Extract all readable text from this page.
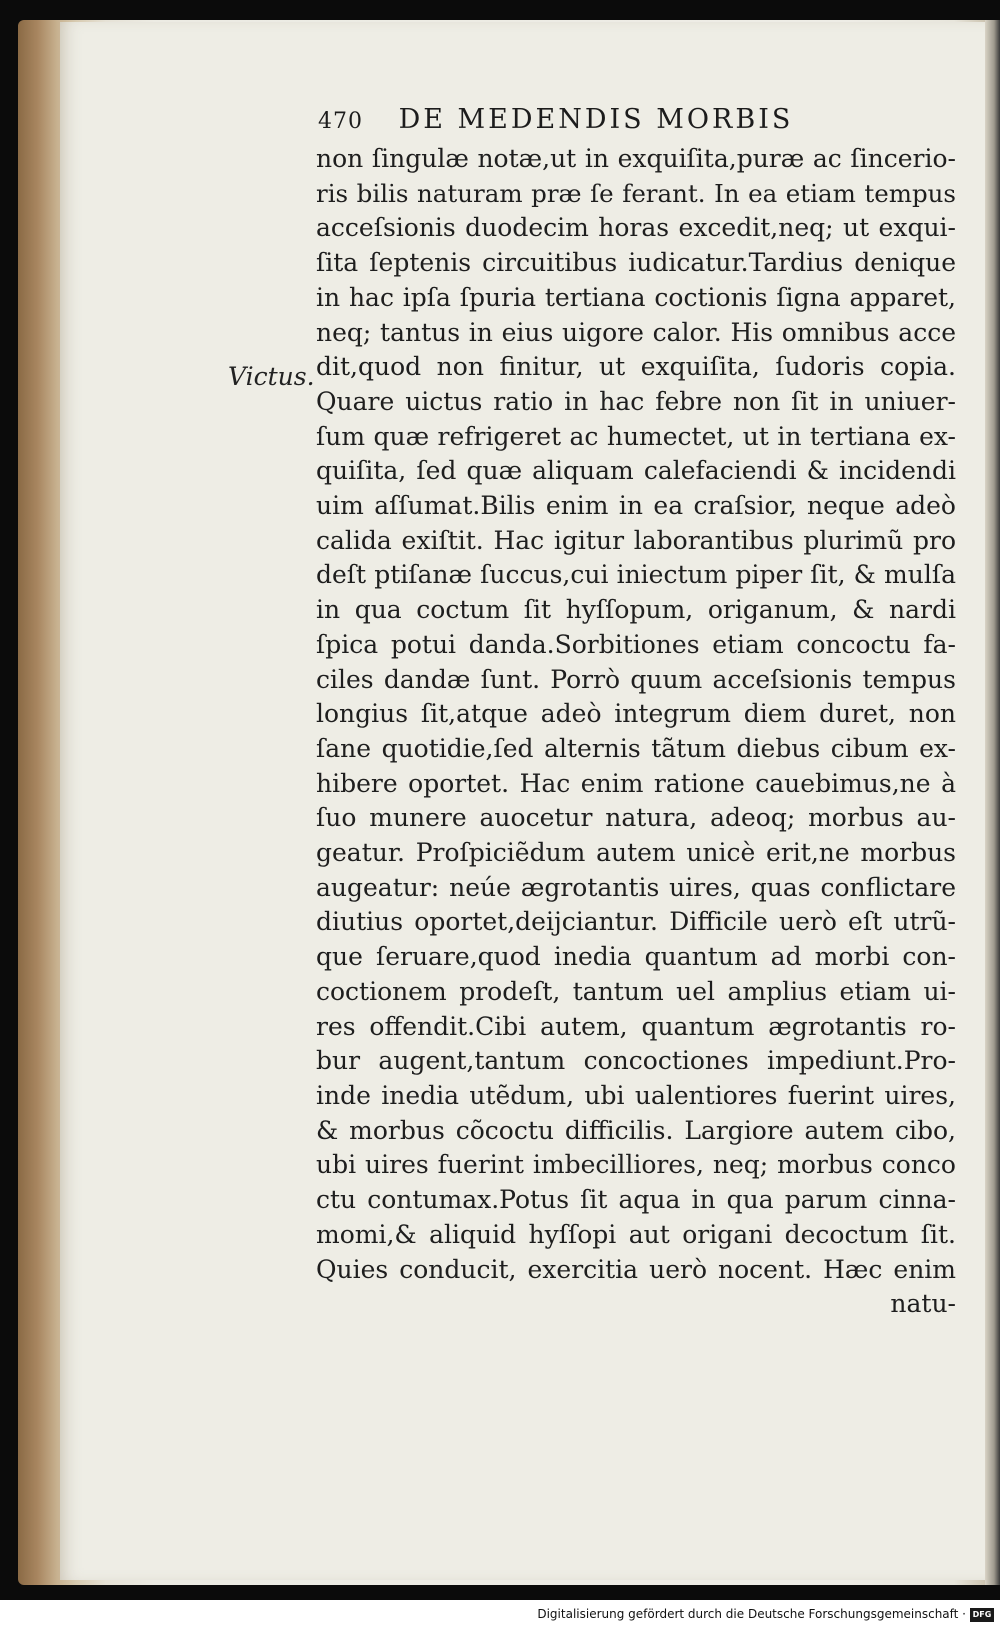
470 DE MEDENDIS MORBIS
Victus.
non ſingulæ notæ,ut in exquiſita,puræ ac ſincerio-
ris bilis naturam præ ſe ferant. In ea etiam tempus
acceſsionis duodecim horas excedit,neq; ut exqui-
ſita ſeptenis circuitibus iudicatur.Tardius denique
in hac ipſa ſpuria tertiana coctionis ſigna apparet,
neq; tantus in eius uigore calor. His omnibus acce
dit,quod non finitur, ut exquiſita, ſudoris copia.
Quare uictus ratio in hac febre non ſit in uniuer-
ſum quæ refrigeret ac humectet, ut in tertiana ex-
quiſita, ſed quæ aliquam calefaciendi & incidendi
uim aſſumat.Bilis enim in ea craſsior, neque adeò
calida exiſtit. Hac igitur laborantibus plurimũ pro
deſt ptiſanæ ſuccus,cui iniectum piper ſit, & mulſa
in qua coctum ſit hyſſopum, origanum, & nardi
ſpica potui danda.Sorbitiones etiam concoctu fa-
ciles dandæ ſunt. Porrò quum acceſsionis tempus
longius ſit,atque adeò integrum diem duret, non
ſane quotidie,ſed alternis tãtum diebus cibum ex-
hibere oportet. Hac enim ratione cauebimus,ne à
ſuo munere auocetur natura, adeoq; morbus au-
geatur. Proſpiciẽdum autem unicè erit,ne morbus
augeatur: neúe ægrotantis uires, quas conflictare
diutius oportet,deijciantur. Difficile uerò eſt utrũ-
que ſeruare,quod inedia quantum ad morbi con-
coctionem prodeſt, tantum uel amplius etiam ui-
res offendit.Cibi autem, quantum ægrotantis ro-
bur augent,tantum concoctiones impediunt.Pro-
inde inedia utẽdum, ubi ualentiores fuerint uires,
& morbus cõcoctu difficilis. Largiore autem cibo,
ubi uires fuerint imbecilliores, neq; morbus conco
ctu contumax.Potus ſit aqua in qua parum cinna-
momi,& aliquid hyſſopi aut origani decoctum ſit.
Quies conducit, exercitia uerò nocent. Hæc enim
natu-
Digitalisierung gefördert durch die Deutsche Forschungsgemeinschaft · DFG
